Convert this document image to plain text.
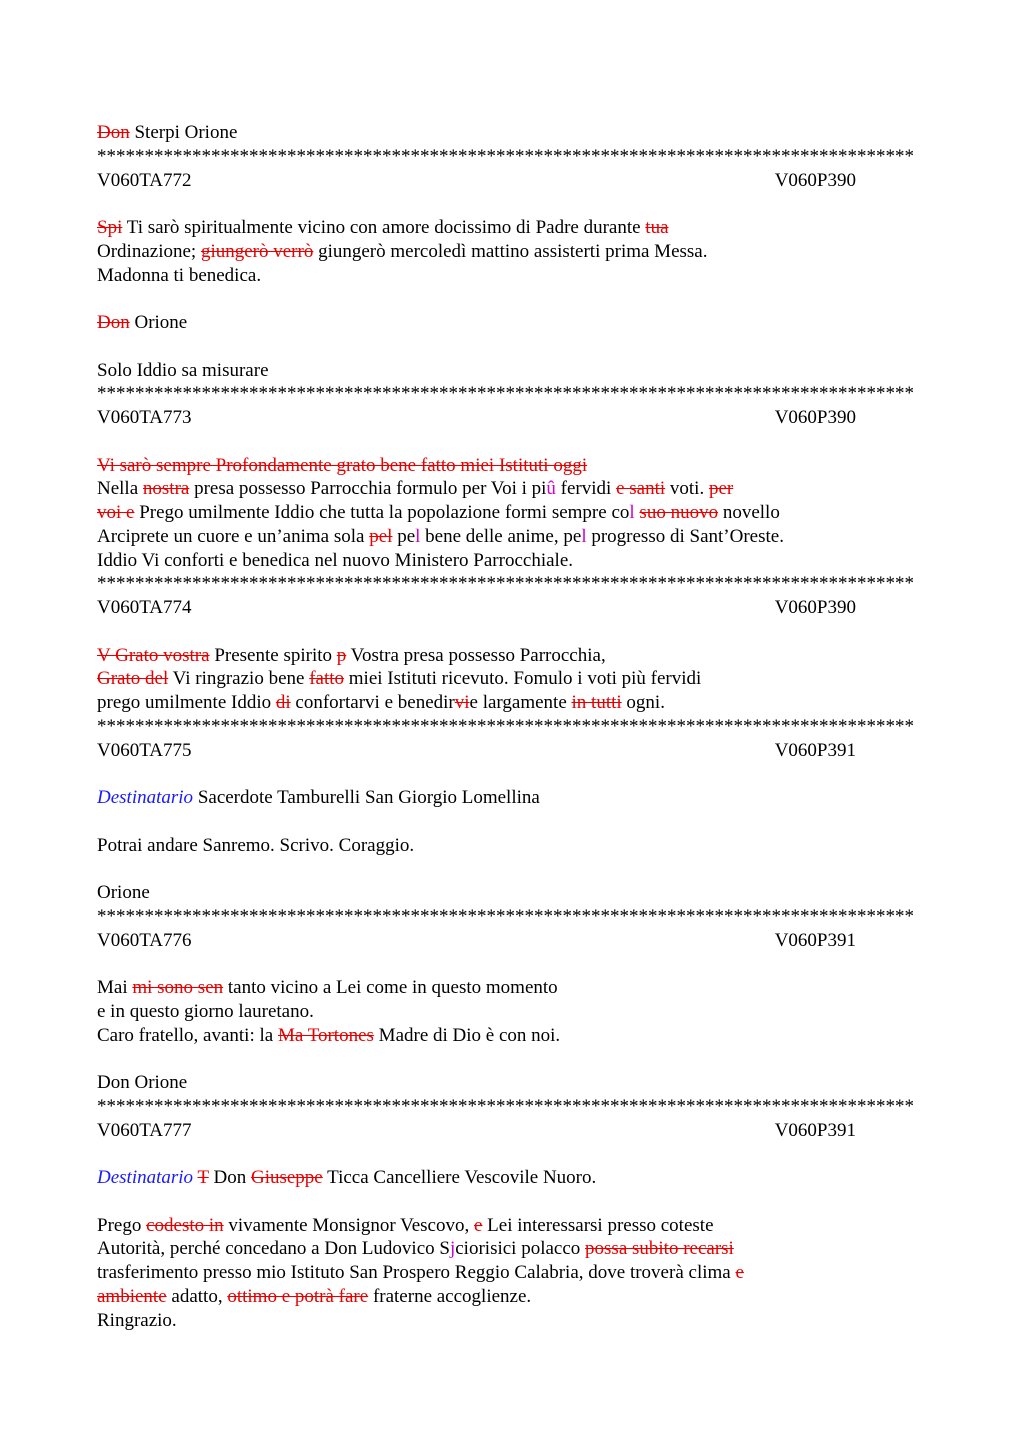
Don Sterpi Orione
**************************************************************************************
V060TA772	V060P390
Spi Ti sarò spiritualmente vicino con amore docissimo di Padre durante tua
Ordinazione; giungerò verrò giungerò mercoledì mattino assisterti prima Messa.
Madonna ti benedica.
Don Orione
Solo Iddio sa misurare
**************************************************************************************
V060TA773	V060P390
Vi sarò sempre Profondamente grato bene fatto miei Istituti oggi
Nella nostra presa possesso Parrocchia formulo per Voi i piû fervidi e santi voti. per
voi e Prego umilmente Iddio che tutta la popolazione formi sempre col suo nuovo novello
Arciprete un cuore e un’anima sola pel pel bene delle anime, pel progresso di Sant’Oreste.
Iddio Vi conforti e benedica nel nuovo Ministero Parrocchiale.
**************************************************************************************
V060TA774	V060P390
V Grato vostra Presente spirito p Vostra presa possesso Parrocchia,
Grato del Vi ringrazio bene fatto miei Istituti ricevuto. Fomulo i voti più fervidi
prego umilmente Iddio di confortarvi e benedirvie largamente in tutti ogni.
**************************************************************************************
V060TA775	V060P391
Destinatario Sacerdote Tamburelli San Giorgio Lomellina
Potrai andare Sanremo. Scrivo. Coraggio.
Orione
**************************************************************************************
V060TA776	V060P391
Mai mi sono sen tanto vicino a Lei come in questo momento
e in questo giorno lauretano.
Caro fratello, avanti: la Ma Tortones Madre di Dio è con noi.
Don Orione
**************************************************************************************
V060TA777	V060P391
Destinatario T Don Giuseppe Ticca Cancelliere Vescovile Nuoro.
Prego codesto in vivamente Monsignor Vescovo, e Lei interessarsi presso coteste
Autorità, perché concedano a Don Ludovico Sjciorisici polacco possa subito recarsi
trasferimento presso mio Istituto San Prospero Reggio Calabria, dove troverà clima e
ambiente adatto, ottimo e potrà fare fraterne accoglienze.
Ringrazio.
